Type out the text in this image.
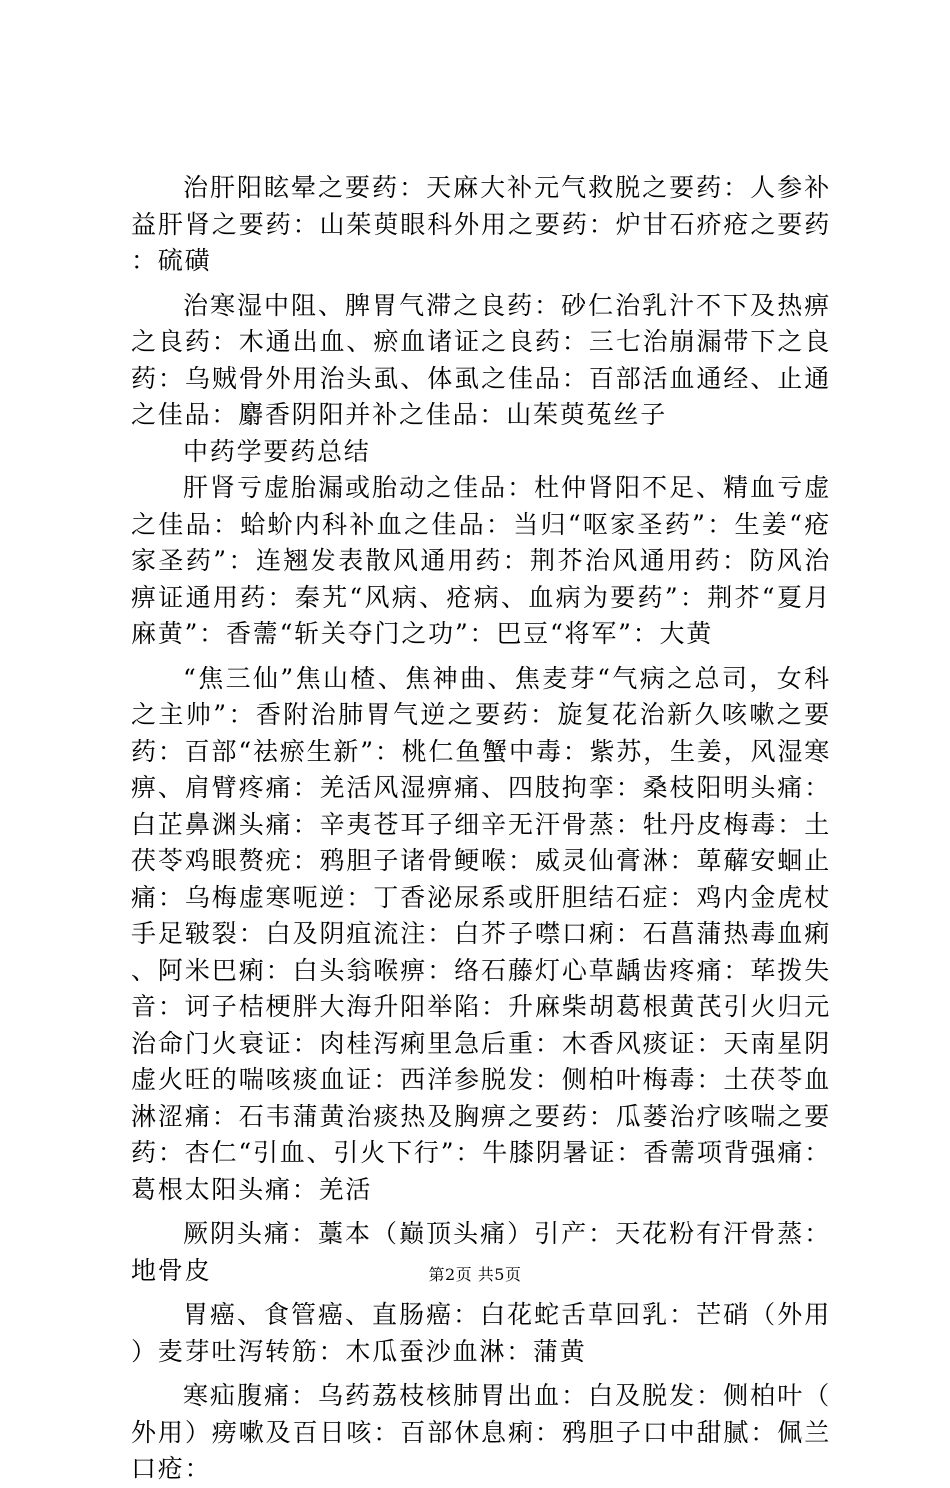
治肝阳眩晕之要药：天麻大补元气救脱之要药：人参补益肝肾之要药：山茱萸眼科外用之要药：炉甘石疥疮之要药：硫磺

治寒湿中阻、脾胃气滞之良药：砂仁治乳汁不下及热痹之良药：木通出血、瘀血诸证之良药：三七治崩漏带下之良药：乌贼骨外用治头虱、体虱之佳品：百部活血通经、止通之佳品：麝香阴阳并补之佳品：山茱萸菟丝子

中药学要药总结

肝肾亏虚胎漏或胎动之佳品：杜仲肾阳不足、精血亏虚之佳品：蛤蚧内科补血之佳品：当归“呕家圣药”：生姜“疮家圣药”：连翘发表散风通用药：荆芥治风通用药：防风治痹证通用药：秦艽“风病、疮病、血病为要药”：荆芥“夏月麻黄”：香薷“斩关夺门之功”：巴豆“将军”：大黄

“焦三仙”焦山楂、焦神曲、焦麦芽“气病之总司，女科之主帅”：香附治肺胃气逆之要药：旋复花治新久咳嗽之要药：百部“祛瘀生新”：桃仁鱼蟹中毒：紫苏，生姜，风湿寒痹、肩臂疼痛：羌活风湿痹痛、四肢拘挛：桑枝阳明头痛：白芷鼻渊头痛：辛夷苍耳子细辛无汗骨蒸：牡丹皮梅毒：土茯苓鸡眼赘疣：鸦胆子诸骨鲠喉：威灵仙膏淋：萆薢安蛔止痛：乌梅虚寒呃逆：丁香泌尿系或肝胆结石症：鸡内金虎杖手足皲裂：白及阴疽流注：白芥子噤口痢：石菖蒲热毒血痢、阿米巴痢：白头翁喉痹：络石藤灯心草龋齿疼痛：荜拨失音：诃子桔梗胖大海升阳举陷：升麻柴胡葛根黄芪引火归元治命门火衰证：肉桂泻痢里急后重：木香风痰证：天南星阴虚火旺的喘咳痰血证：西洋参脱发：侧柏叶梅毒：土茯苓血淋涩痛：石韦蒲黄治痰热及胸痹之要药：瓜蒌治疗咳喘之要药：杏仁“引血、引火下行”：牛膝阴暑证：香薷项背强痛：葛根太阳头痛：羌活

厥阴头痛：藁本（巅顶头痛）引产：天花粉有汗骨蒸：地骨皮

胃癌、食管癌、直肠癌：白花蛇舌草回乳：芒硝（外用）麦芽吐泻转筋：木瓜蚕沙血淋：蒲黄

寒疝腹痛：乌药荔枝核肺胃出血：白及脱发：侧柏叶（外用）痨嗽及百日咳：百部休息痢：鸦胆子口中甜腻：佩兰口疮：

第2页 共5页
